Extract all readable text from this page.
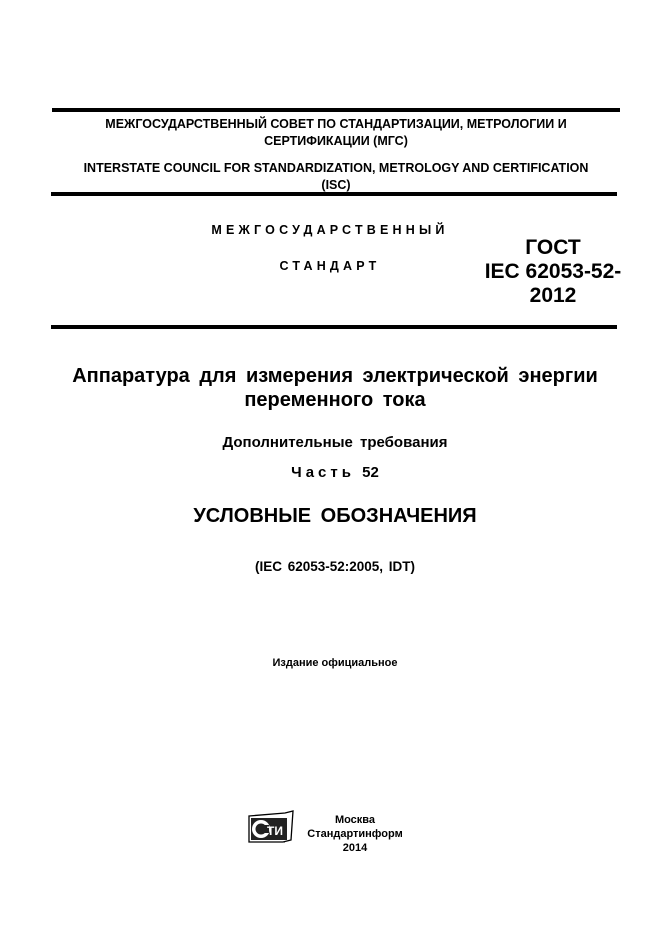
МЕЖГОСУДАРСТВЕННЫЙ СОВЕТ ПО СТАНДАРТИЗАЦИИ, МЕТРОЛОГИИ И
СЕРТИФИКАЦИИ (МГС)
INTERSTATE COUNCIL FOR STANDARDIZATION, METROLOGY AND CERTIFICATION
(ISC)
МЕЖГОСУДАРСТВЕННЫЙ
СТАНДАРТ
ГОСТ
IEC 62053-52-
2012
Аппаратура для измерения электрической энергии
переменного тока
Дополнительные требования
Часть 52
УСЛОВНЫЕ ОБОЗНАЧЕНИЯ
(IEC 62053-52:2005, IDT)
Издание официальное
ТИ
Москва
Стандартинформ
2014
